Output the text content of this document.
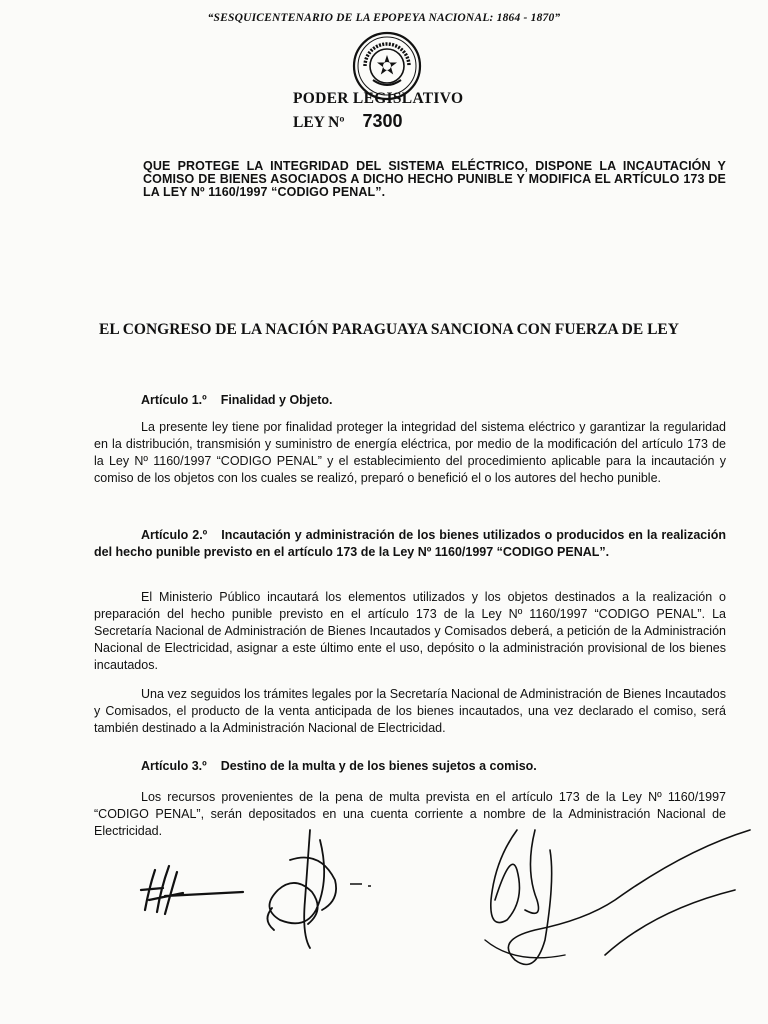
“SESQUICENTENARIO DE LA EPOPEYA NACIONAL: 1864 - 1870”
PODER LEGISLATIVO
LEY Nº 7300
QUE PROTEGE LA INTEGRIDAD DEL SISTEMA ELÉCTRICO, DISPONE LA INCAUTACIÓN Y COMISO DE BIENES ASOCIADOS A DICHO HECHO PUNIBLE Y MODIFICA EL ARTÍCULO 173 DE LA LEY Nº 1160/1997 “CODIGO PENAL”.
EL CONGRESO DE LA NACIÓN PARAGUAYA SANCIONA CON FUERZA DE LEY
Artículo 1.º Finalidad y Objeto.
La presente ley tiene por finalidad proteger la integridad del sistema eléctrico y garantizar la regularidad en la distribución, transmisión y suministro de energía eléctrica, por medio de la modificación del artículo 173 de la Ley Nº 1160/1997 “CODIGO PENAL” y el establecimiento del procedimiento aplicable para la incautación y comiso de los objetos con los cuales se realizó, preparó o benefició el o los autores del hecho punible.
Artículo 2.º Incautación y administración de los bienes utilizados o producidos en la realización del hecho punible previsto en el artículo 173 de la Ley Nº 1160/1997 “CODIGO PENAL”.
El Ministerio Público incautará los elementos utilizados y los objetos destinados a la realización o preparación del hecho punible previsto en el artículo 173 de la Ley Nº 1160/1997 “CODIGO PENAL”. La Secretaría Nacional de Administración de Bienes Incautados y Comisados deberá, a petición de la Administración Nacional de Electricidad, asignar a este último ente el uso, depósito o la administración provisional de los bienes incautados.
Una vez seguidos los trámites legales por la Secretaría Nacional de Administración de Bienes Incautados y Comisados, el producto de la venta anticipada de los bienes incautados, una vez declarado el comiso, será también destinado a la Administración Nacional de Electricidad.
Artículo 3.º Destino de la multa y de los bienes sujetos a comiso.
Los recursos provenientes de la pena de multa prevista en el artículo 173 de la Ley Nº 1160/1997 “CODIGO PENAL”, serán depositados en una cuenta corriente a nombre de la Administración Nacional de Electricidad.
